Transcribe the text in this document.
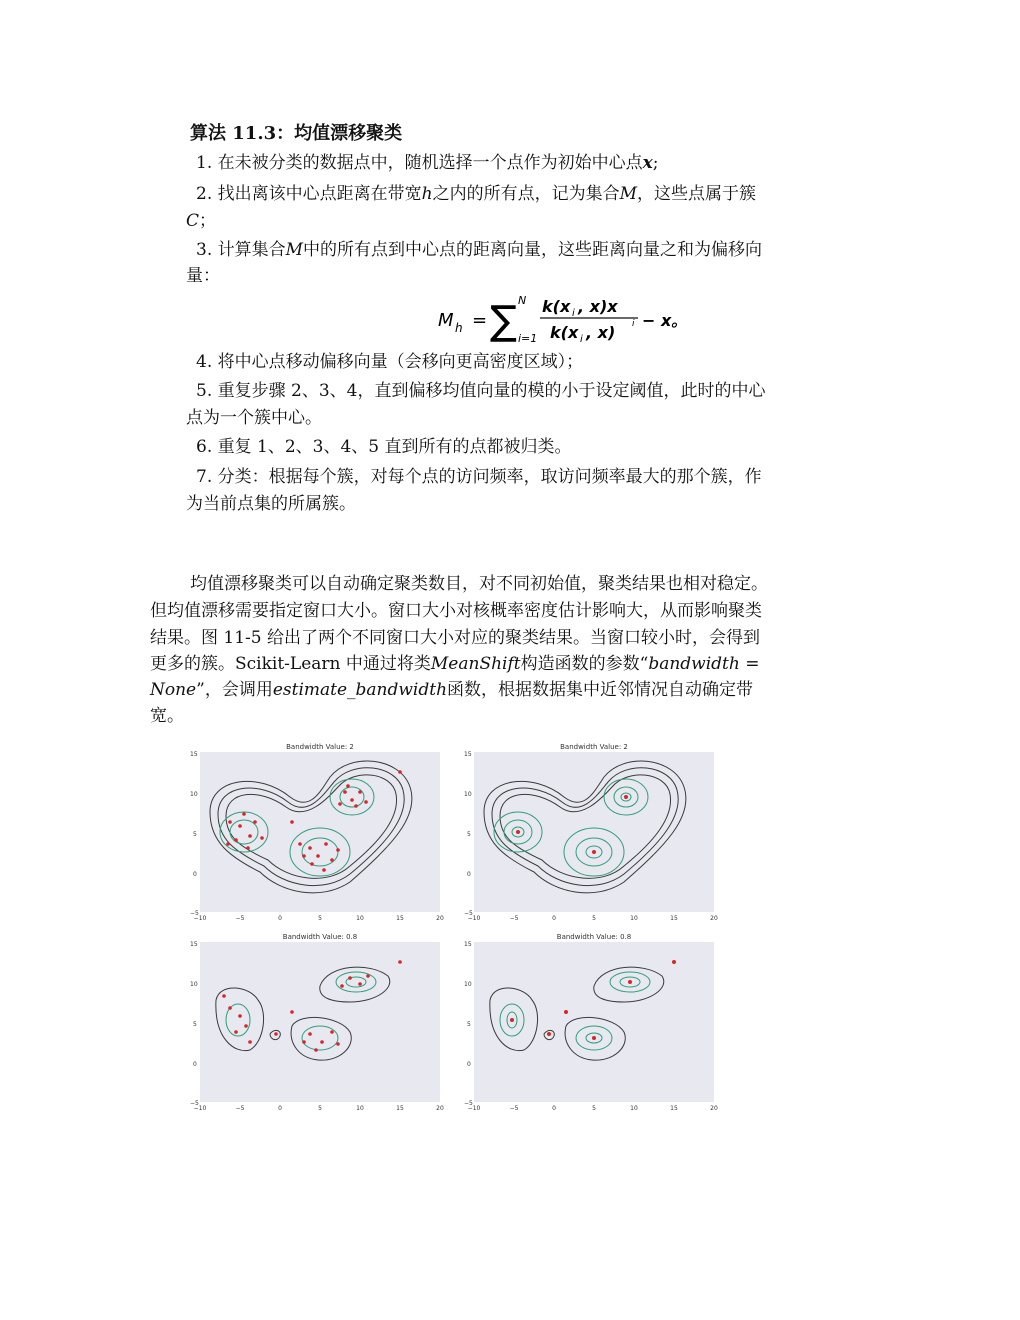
算法 11.3：均值漂移聚类
1. 在未被分类的数据点中，随机选择一个点作为初始中心点x;
2. 找出离该中心点距离在带宽h之内的所有点，记为集合M，这些点属于簇
C；
3. 计算集合M中的所有点到中心点的距离向量，这些距离向量之和为偏移向
量：
M h = ∑ N
i=1
k(x i , x)x
k(x i , x) i − x。
4. 将中心点移动偏移向量（会移向更高密度区域）；
5. 重复步骤 2、3、4，直到偏移均值向量的模的小于设定阈值，此时的中心
点为一个簇中心。
6. 重复 1、2、3、4、5 直到所有的点都被归类。
7. 分类：根据每个簇，对每个点的访问频率，取访问频率最大的那个簇，作
为当前点集的所属簇。
均值漂移聚类可以自动确定聚类数目，对不同初始值，聚类结果也相对稳定。
但均值漂移需要指定窗口大小。窗口大小对核概率密度估计影响大，从而影响聚类
结果。图 11-5 给出了两个不同窗口大小对应的聚类结果。当窗口较小时，会得到
更多的簇。Scikit-Learn 中通过将类MeanShift构造函数的参数“bandwidth =
None”，会调用estimate_bandwidth函数，根据数据集中近邻情况自动确定带
宽。
Bandwidth Value: 2
15
10
5
0
−5
−10	−5	0	5	10	15	20
Bandwidth Value: 2
15
10
5
0
−5
−10	−5	0	5	10	15	20
Bandwidth Value: 0.8
15
10
5
0
−5
−10	−5	0	5	10	15	20
Bandwidth Value: 0.8
15
10
5
0
−5
−10	−5	0	5	10	15	20
